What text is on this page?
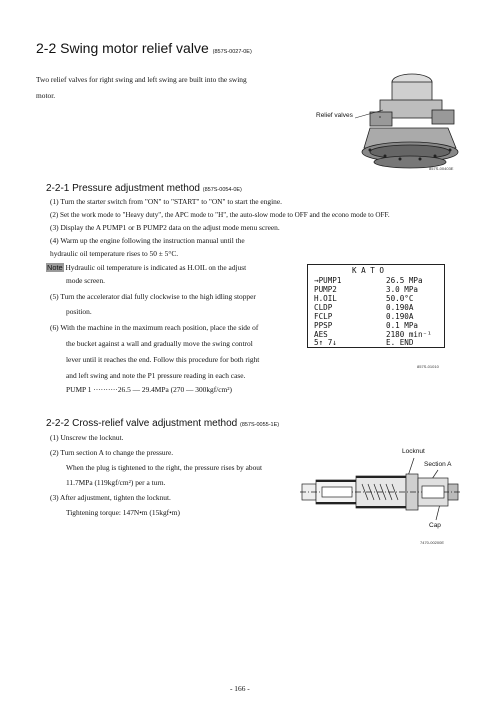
2-2 Swing motor relief valve (857S-0027-0E)
Two relief valves for right swing and left swing are built into the swing
motor.
Relief valves
857S-00403E
2-2-1 Pressure adjustment method (857S-0054-0E)
(1) Turn the starter switch from "ON" to "START" to "ON" to start the engine.
(2) Set the work mode to "Heavy duty", the APC mode to "H", the auto-slow mode to OFF and the econo mode to OFF.
(3) Display the A PUMP1 or B PUMP2 data on the adjust mode menu screen.
(4) Warm up the engine following the instruction manual until the
hydraulic oil temperature rises to 50 ± 5°C.
Note Hydraulic oil temperature is indicated as H.OIL on the adjust
mode screen.
(5) Turn the accelerator dial fully clockwise to the high idling stopper
position.
(6) With the machine in the maximum reach position, place the side of
the bucket against a wall and gradually move the swing control
lever until it reaches the end. Follow this procedure for both right
and left swing and note the P1 pressure reading in each case.
PUMP 1 ··········26.5 — 29.4MPa (270 — 300kgf/cm²)
K A T O
→PUMP1	26.5 MPa
PUMP2	3.0 MPa
H.OIL	50.0°C
CLDP	0.190A
FCLP	0.190A
PPSP	0.1 MPa
AES	2180 min⁻¹
5↑ 7↓	E. END
857S-01010
2-2-2 Cross-relief valve adjustment method (857S-0055-1E)
(1) Unscrew the locknut.
(2) Turn section A to change the pressure.
When the plug is tightened to the right, the pressure rises by about
11.7MPa (119kgf/cm²) per a turn.
(3) After adjustment, tighten the locknut.
Tightening torque: 147N•m (15kgf•m)
Locknut
Section A
Cap
7470-00200E
- 166 -
